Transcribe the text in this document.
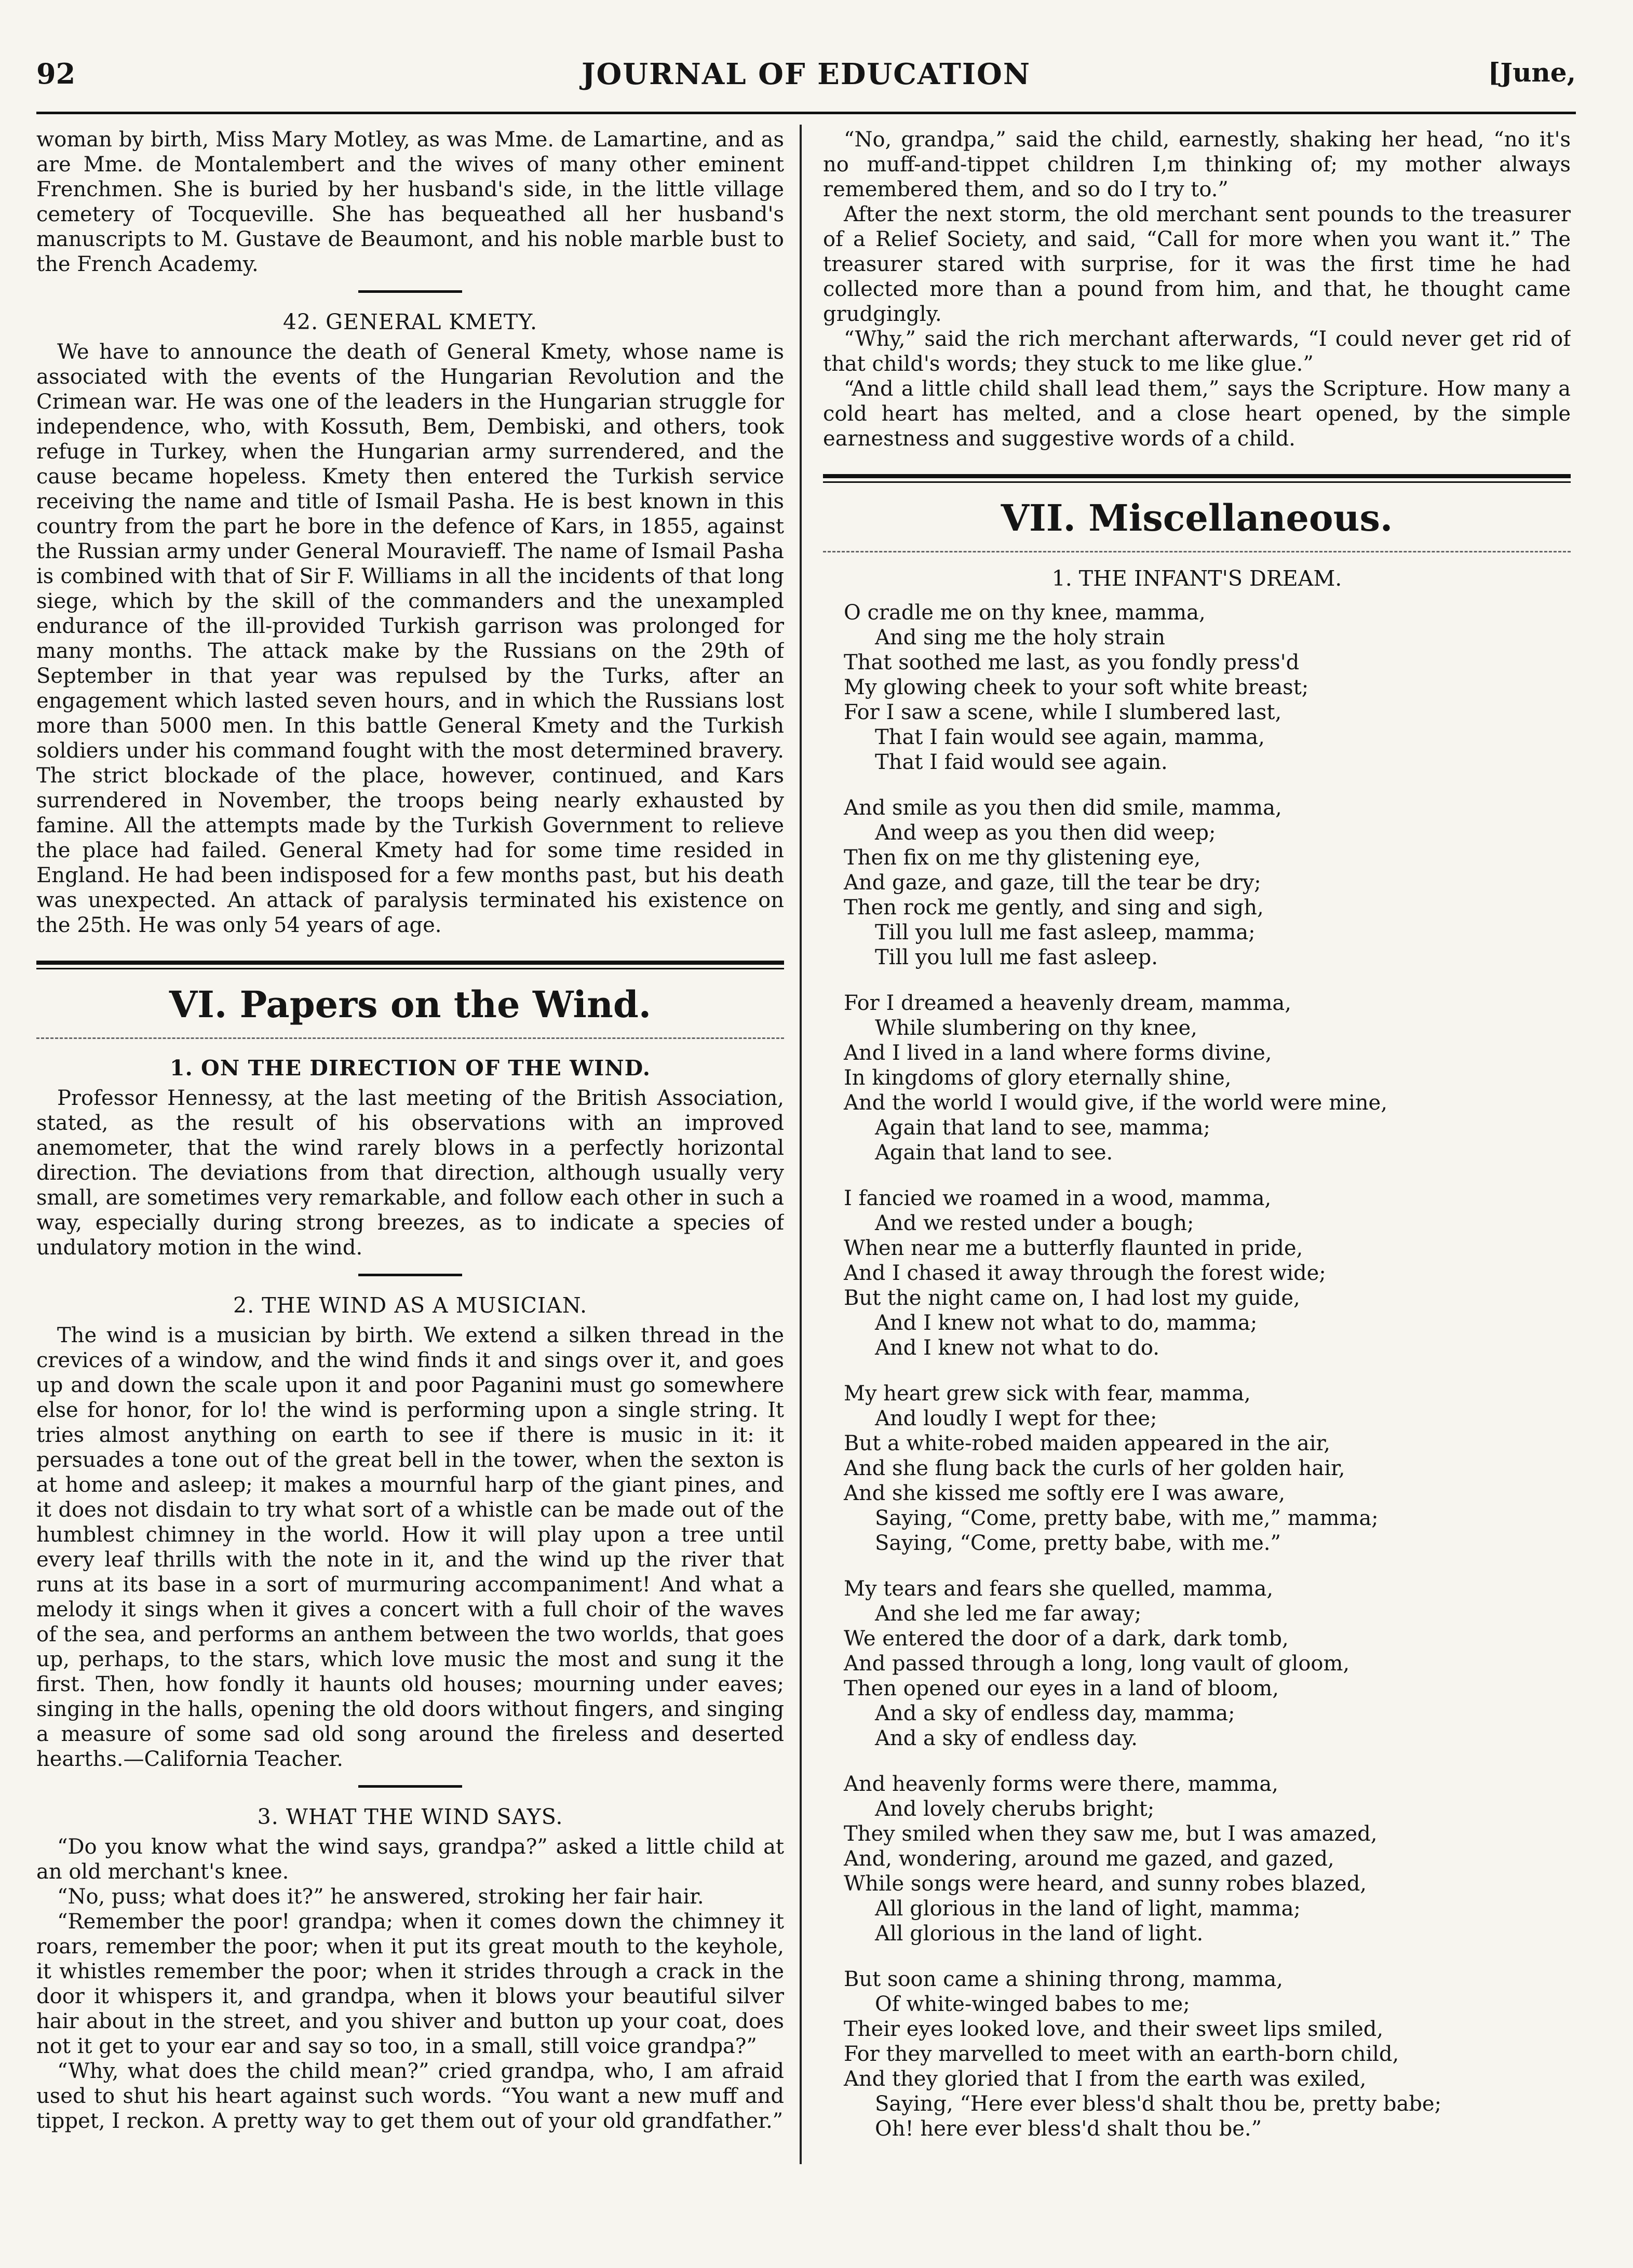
92	JOURNAL OF EDUCATION	[June,

woman by birth, Miss Mary Motley, as was Mme. de Lamartine, and as are Mme. de Montalembert and the wives of many other eminent Frenchmen. She is buried by her husband's side, in the little village cemetery of Tocqueville. She has bequeathed all her husband's manuscripts to M. Gustave de Beaumont, and his noble marble bust to the French Academy.

42. GENERAL KMETY.

We have to announce the death of General Kmety, whose name is associated with the events of the Hungarian Revolution and the Crimean war. He was one of the leaders in the Hungarian struggle for independence, who, with Kossuth, Bem, Dembiski, and others, took refuge in Turkey, when the Hungarian army surrendered, and the cause became hopeless. Kmety then entered the Turkish service receiving the name and title of Ismail Pasha. He is best known in this country from the part he bore in the defence of Kars, in 1855, against the Russian army under General Mouravieff. The name of Ismail Pasha is combined with that of Sir F. Williams in all the incidents of that long siege, which by the skill of the commanders and the unexampled endurance of the ill-provided Turkish garrison was prolonged for many months. The attack make by the Russians on the 29th of September in that year was repulsed by the Turks, after an engagement which lasted seven hours, and in which the Russians lost more than 5000 men. In this battle General Kmety and the Turkish soldiers under his command fought with the most determined bravery. The strict blockade of the place, however, continued, and Kars surrendered in November, the troops being nearly exhausted by famine. All the attempts made by the Turkish Government to relieve the place had failed. General Kmety had for some time resided in England. He had been indisposed for a few months past, but his death was unexpected. An attack of paralysis terminated his existence on the 25th. He was only 54 years of age.

VI. Papers on the Wind.
1. ON THE DIRECTION OF THE WIND.

Professor Hennessy, at the last meeting of the British Association, stated, as the result of his observations with an improved anemometer, that the wind rarely blows in a perfectly horizontal direction. The deviations from that direction, although usually very small, are sometimes very remarkable, and follow each other in such a way, especially during strong breezes, as to indicate a species of undulatory motion in the wind.

2. THE WIND AS A MUSICIAN.

The wind is a musician by birth. We extend a silken thread in the crevices of a window, and the wind finds it and sings over it, and goes up and down the scale upon it and poor Paganini must go somewhere else for honor, for lo! the wind is performing upon a single string. It tries almost anything on earth to see if there is music in it: it persuades a tone out of the great bell in the tower, when the sexton is at home and asleep; it makes a mournful harp of the giant pines, and it does not disdain to try what sort of a whistle can be made out of the humblest chimney in the world. How it will play upon a tree until every leaf thrills with the note in it, and the wind up the river that runs at its base in a sort of murmuring accompaniment! And what a melody it sings when it gives a concert with a full choir of the waves of the sea, and performs an anthem between the two worlds, that goes up, perhaps, to the stars, which love music the most and sung it the first. Then, how fondly it haunts old houses; mourning under eaves; singing in the halls, opening the old doors without fingers, and singing a measure of some sad old song around the fireless and deserted hearths.—California Teacher.

3. WHAT THE WIND SAYS.

“Do you know what the wind says, grandpa?” asked a little child at an old merchant's knee.

“No, puss; what does it?” he answered, stroking her fair hair.

“Remember the poor! grandpa; when it comes down the chimney it roars, remember the poor; when it put its great mouth to the keyhole, it whistles remember the poor; when it strides through a crack in the door it whispers it, and grandpa, when it blows your beautiful silver hair about in the street, and you shiver and button up your coat, does not it get to your ear and say so too, in a small, still voice grandpa?”

“Why, what does the child mean?” cried grandpa, who, I am afraid used to shut his heart against such words. “You want a new muff and tippet, I reckon. A pretty way to get them out of your old grandfather.”

“No, grandpa,” said the child, earnestly, shaking her head, “no it's no muff-and-tippet children I,m thinking of; my mother always remembered them, and so do I try to.”

After the next storm, the old merchant sent pounds to the treasurer of a Relief Society, and said, “Call for more when you want it.” The treasurer stared with surprise, for it was the first time he had collected more than a pound from him, and that, he thought came grudgingly.

“Why,” said the rich merchant afterwards, “I could never get rid of that child's words; they stuck to me like glue.”

“And a little child shall lead them,” says the Scripture. How many a cold heart has melted, and a close heart opened, by the simple earnestness and suggestive words of a child.

VII. Miscellaneous.
1. THE INFANT'S DREAM.
O cradle me on thy knee, mamma,
And sing me the holy strain
That soothed me last, as you fondly press'd
My glowing cheek to your soft white breast;
For I saw a scene, while I slumbered last,
That I fain would see again, mamma,
That I faid would see again.
And smile as you then did smile, mamma,
And weep as you then did weep;
Then fix on me thy glistening eye,
And gaze, and gaze, till the tear be dry;
Then rock me gently, and sing and sigh,
Till you lull me fast asleep, mamma;
Till you lull me fast asleep.
For I dreamed a heavenly dream, mamma,
While slumbering on thy knee,
And I lived in a land where forms divine,
In kingdoms of glory eternally shine,
And the world I would give, if the world were mine,
Again that land to see, mamma;
Again that land to see.
I fancied we roamed in a wood, mamma,
And we rested under a bough;
When near me a butterfly flaunted in pride,
And I chased it away through the forest wide;
But the night came on, I had lost my guide,
And I knew not what to do, mamma;
And I knew not what to do.
My heart grew sick with fear, mamma,
And loudly I wept for thee;
But a white-robed maiden appeared in the air,
And she flung back the curls of her golden hair,
And she kissed me softly ere I was aware,
Saying, “Come, pretty babe, with me,” mamma;
Saying, “Come, pretty babe, with me.”
My tears and fears she quelled, mamma,
And she led me far away;
We entered the door of a dark, dark tomb,
And passed through a long, long vault of gloom,
Then opened our eyes in a land of bloom,
And a sky of endless day, mamma;
And a sky of endless day.
And heavenly forms were there, mamma,
And lovely cherubs bright;
They smiled when they saw me, but I was amazed,
And, wondering, around me gazed, and gazed,
While songs were heard, and sunny robes blazed,
All glorious in the land of light, mamma;
All glorious in the land of light.
But soon came a shining throng, mamma,
Of white-winged babes to me;
Their eyes looked love, and their sweet lips smiled,
For they marvelled to meet with an earth-born child,
And they gloried that I from the earth was exiled,
Saying, “Here ever bless'd shalt thou be, pretty babe;
Oh! here ever bless'd shalt thou be.”
